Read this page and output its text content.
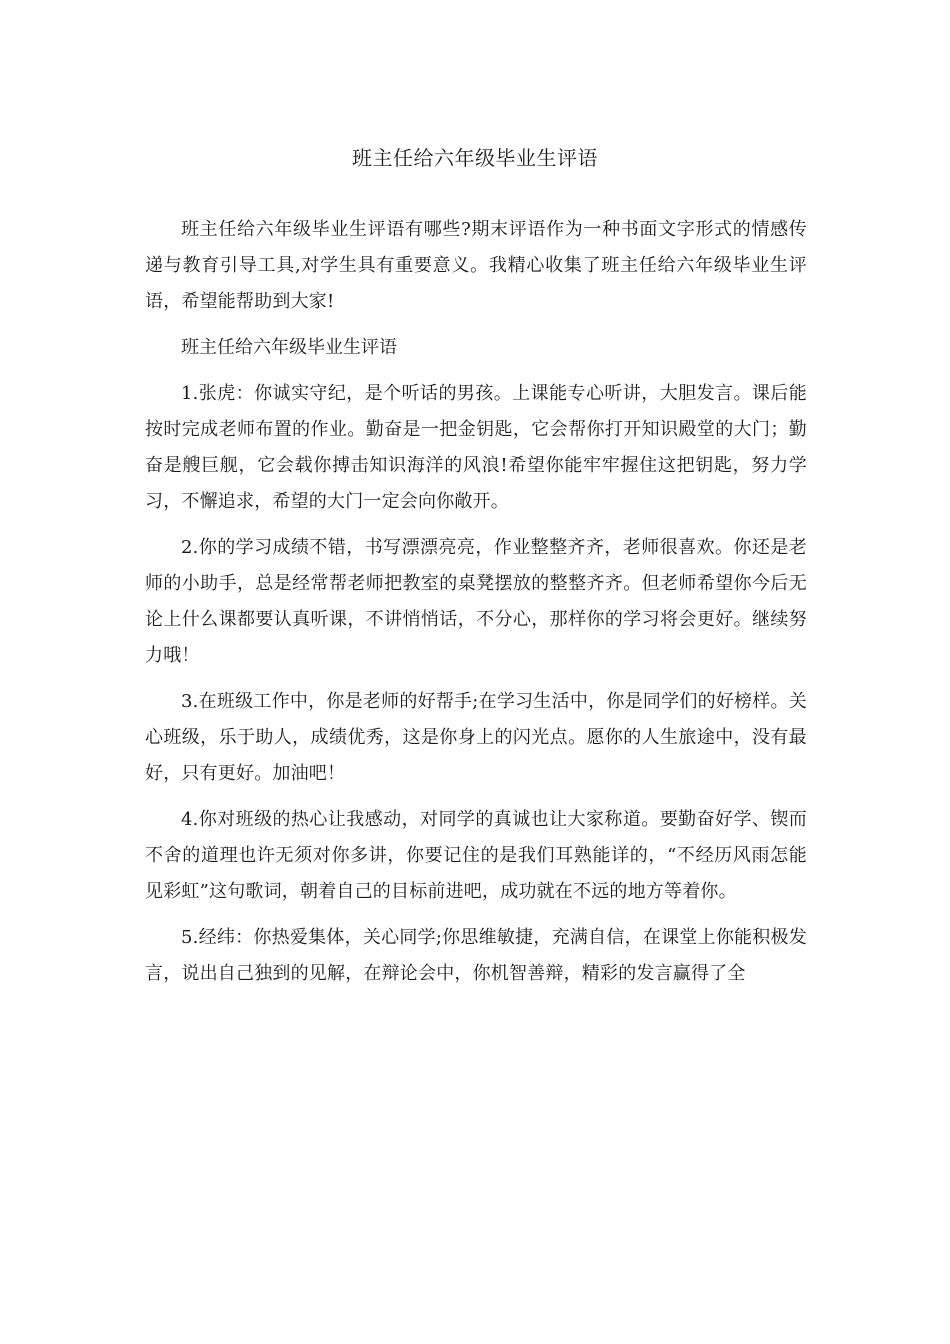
班主任给六年级毕业生评语

班主任给六年级毕业生评语有哪些?期末评语作为一种书面文字形式的情感传递与教育引导工具,对学生具有重要意义。我精心收集了班主任给六年级毕业生评语，希望能帮助到大家!

班主任给六年级毕业生评语

1.张虎：你诚实守纪，是个听话的男孩。上课能专心听讲，大胆发言。课后能按时完成老师布置的作业。勤奋是一把金钥匙，它会帮你打开知识殿堂的大门；勤奋是艘巨舰，它会载你搏击知识海洋的风浪!希望你能牢牢握住这把钥匙，努力学习，不懈追求，希望的大门一定会向你敞开。

2.你的学习成绩不错，书写漂漂亮亮，作业整整齐齐，老师很喜欢。你还是老师的小助手，总是经常帮老师把教室的桌凳摆放的整整齐齐。但老师希望你今后无论上什么课都要认真听课，不讲悄悄话，不分心，那样你的学习将会更好。继续努力哦！

3.在班级工作中，你是老师的好帮手;在学习生活中，你是同学们的好榜样。关心班级，乐于助人，成绩优秀，这是你身上的闪光点。愿你的人生旅途中，没有最好，只有更好。加油吧！

4.你对班级的热心让我感动，对同学的真诚也让大家称道。要勤奋好学、锲而不舍的道理也许无须对你多讲，你要记住的是我们耳熟能详的，“不经历风雨怎能见彩虹”这句歌词，朝着自己的目标前进吧，成功就在不远的地方等着你。

5.经纬：你热爱集体，关心同学;你思维敏捷，充满自信，在课堂上你能积极发言，说出自己独到的见解，在辩论会中，你机智善辩，精彩的发言赢得了全
